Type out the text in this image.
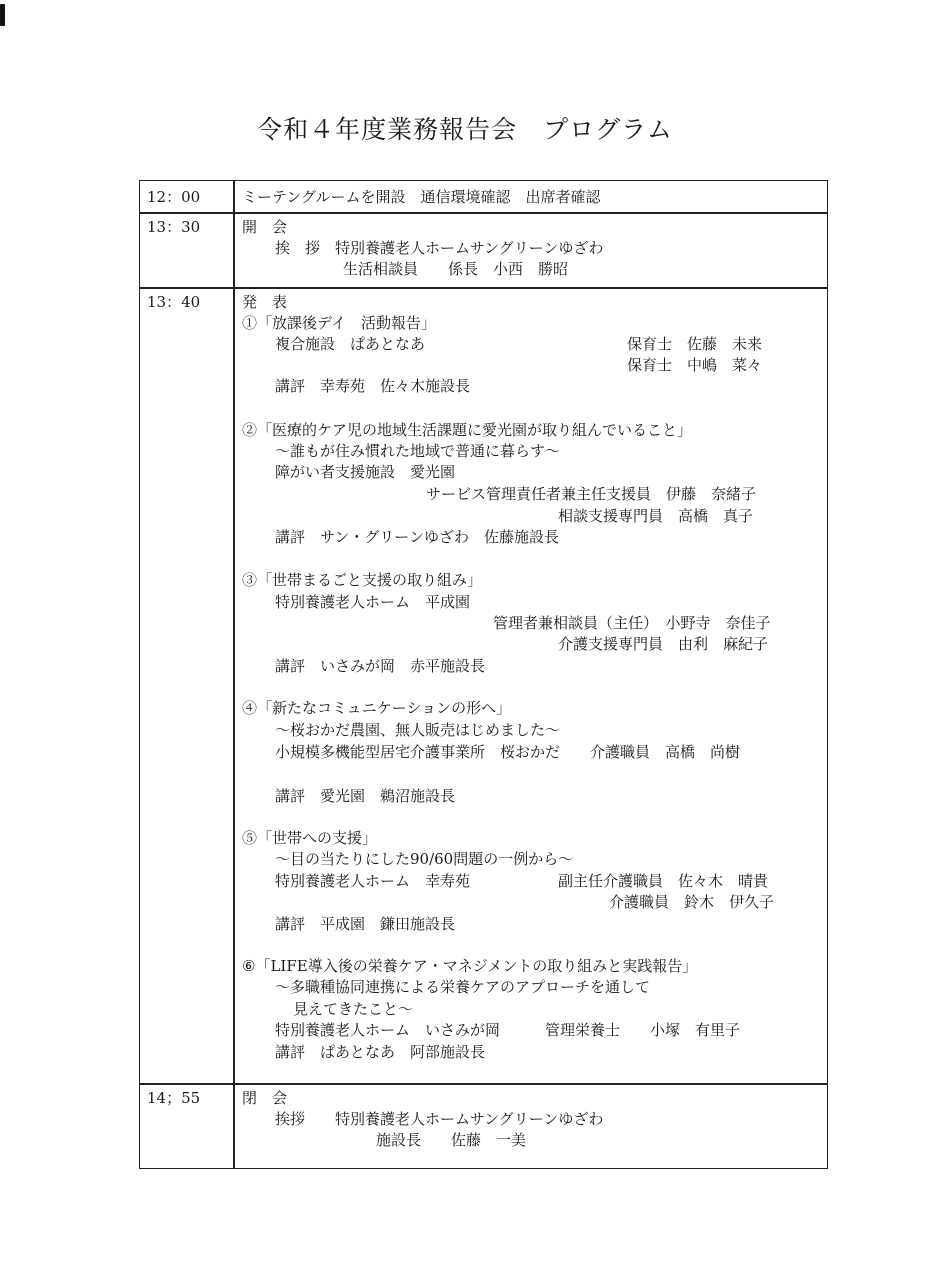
令和４年度業務報告会　プログラム
12：00	ミーテングルームを開設　通信環境確認　出席者確認
13：30	開　会
挨　拶　特別養護老人ホームサングリーンゆざわ
生活相談員　　係長　小西　勝昭
13：40	発　表
①「放課後デイ　活動報告」
複合施設　ぱあとなあ	保育士　佐藤　未来
保育士　中嶋　菜々
講評　幸寿苑　佐々木施設長
②「医療的ケア児の地域生活課題に愛光園が取り組んでいること」
～誰もが住み慣れた地域で普通に暮らす～
障がい者支援施設　愛光園
サービス管理責任者兼主任支援員　伊藤　奈緒子
相談支援専門員　高橋　真子
講評　サン・グリーンゆざわ　佐藤施設長
③「世帯まるごと支援の取り組み」
特別養護老人ホーム　平成園
管理者兼相談員（主任）　小野寺　奈佳子
介護支援専門員　由利　麻紀子
講評　いさみが岡　赤平施設長
④「新たなコミュニケーションの形へ」
～桜おかだ農園、無人販売はじめました～
小規模多機能型居宅介護事業所　桜おかだ　　介護職員　高橋　尚樹
講評　愛光園　鵜沼施設長
⑤「世帯への支援」
～目の当たりにした90/60問題の一例から～
特別養護老人ホーム　幸寿苑	副主任介護職員　佐々木　晴貴
介護職員　鈴木　伊久子
講評　平成園　鎌田施設長
⑥「LIFE導入後の栄養ケア・マネジメントの取り組みと実践報告」
～多職種協同連携による栄養ケアのアプローチを通して
見えてきたこと～
特別養護老人ホーム　いさみが岡　　　管理栄養士　　小塚　有里子
講評　ぱあとなあ　阿部施設長
14；55	閉　会
挨拶　　特別養護老人ホームサングリーンゆざわ
施設長　　佐藤　一美
